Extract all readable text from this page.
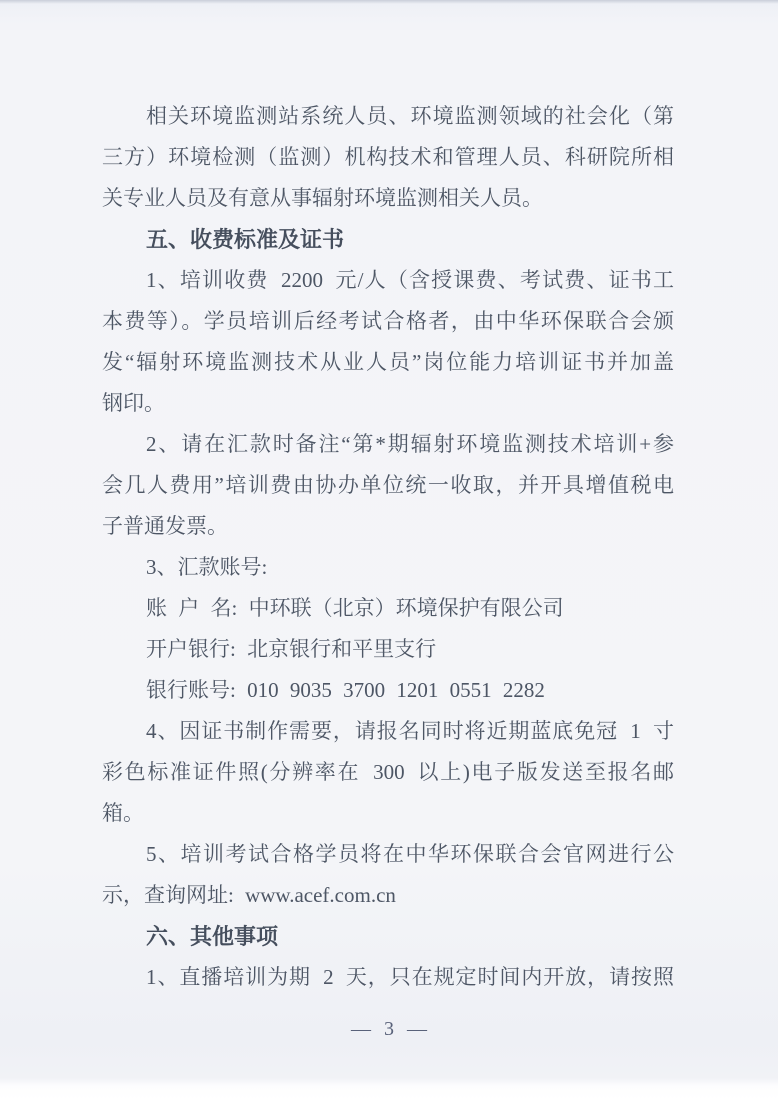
相关环境监测站系统人员、环境监测领域的社会化（第
三方）环境检测（监测）机构技术和管理人员、科研院所相
关专业人员及有意从事辐射环境监测相关人员。
五、收费标准及证书
1、培训收费 2200 元/人（含授课费、考试费、证书工
本费等）。学员培训后经考试合格者，由中华环保联合会颁
发“辐射环境监测技术从业人员”岗位能力培训证书并加盖
钢印。
2、请在汇款时备注“第*期辐射环境监测技术培训+参
会几人费用”培训费由协办单位统一收取，并开具增值税电
子普通发票。
3、汇款账号:
账 户 名: 中环联（北京）环境保护有限公司
开户银行: 北京银行和平里支行
银行账号: 010 9035 3700 1201 0551 2282
4、因证书制作需要，请报名同时将近期蓝底免冠 1 寸
彩色标准证件照(分辨率在 300 以上)电子版发送至报名邮
箱。
5、培训考试合格学员将在中华环保联合会官网进行公
示，查询网址: www.acef.com.cn
六、其他事项
1、直播培训为期 2 天，只在规定时间内开放，请按照
— 3 —
